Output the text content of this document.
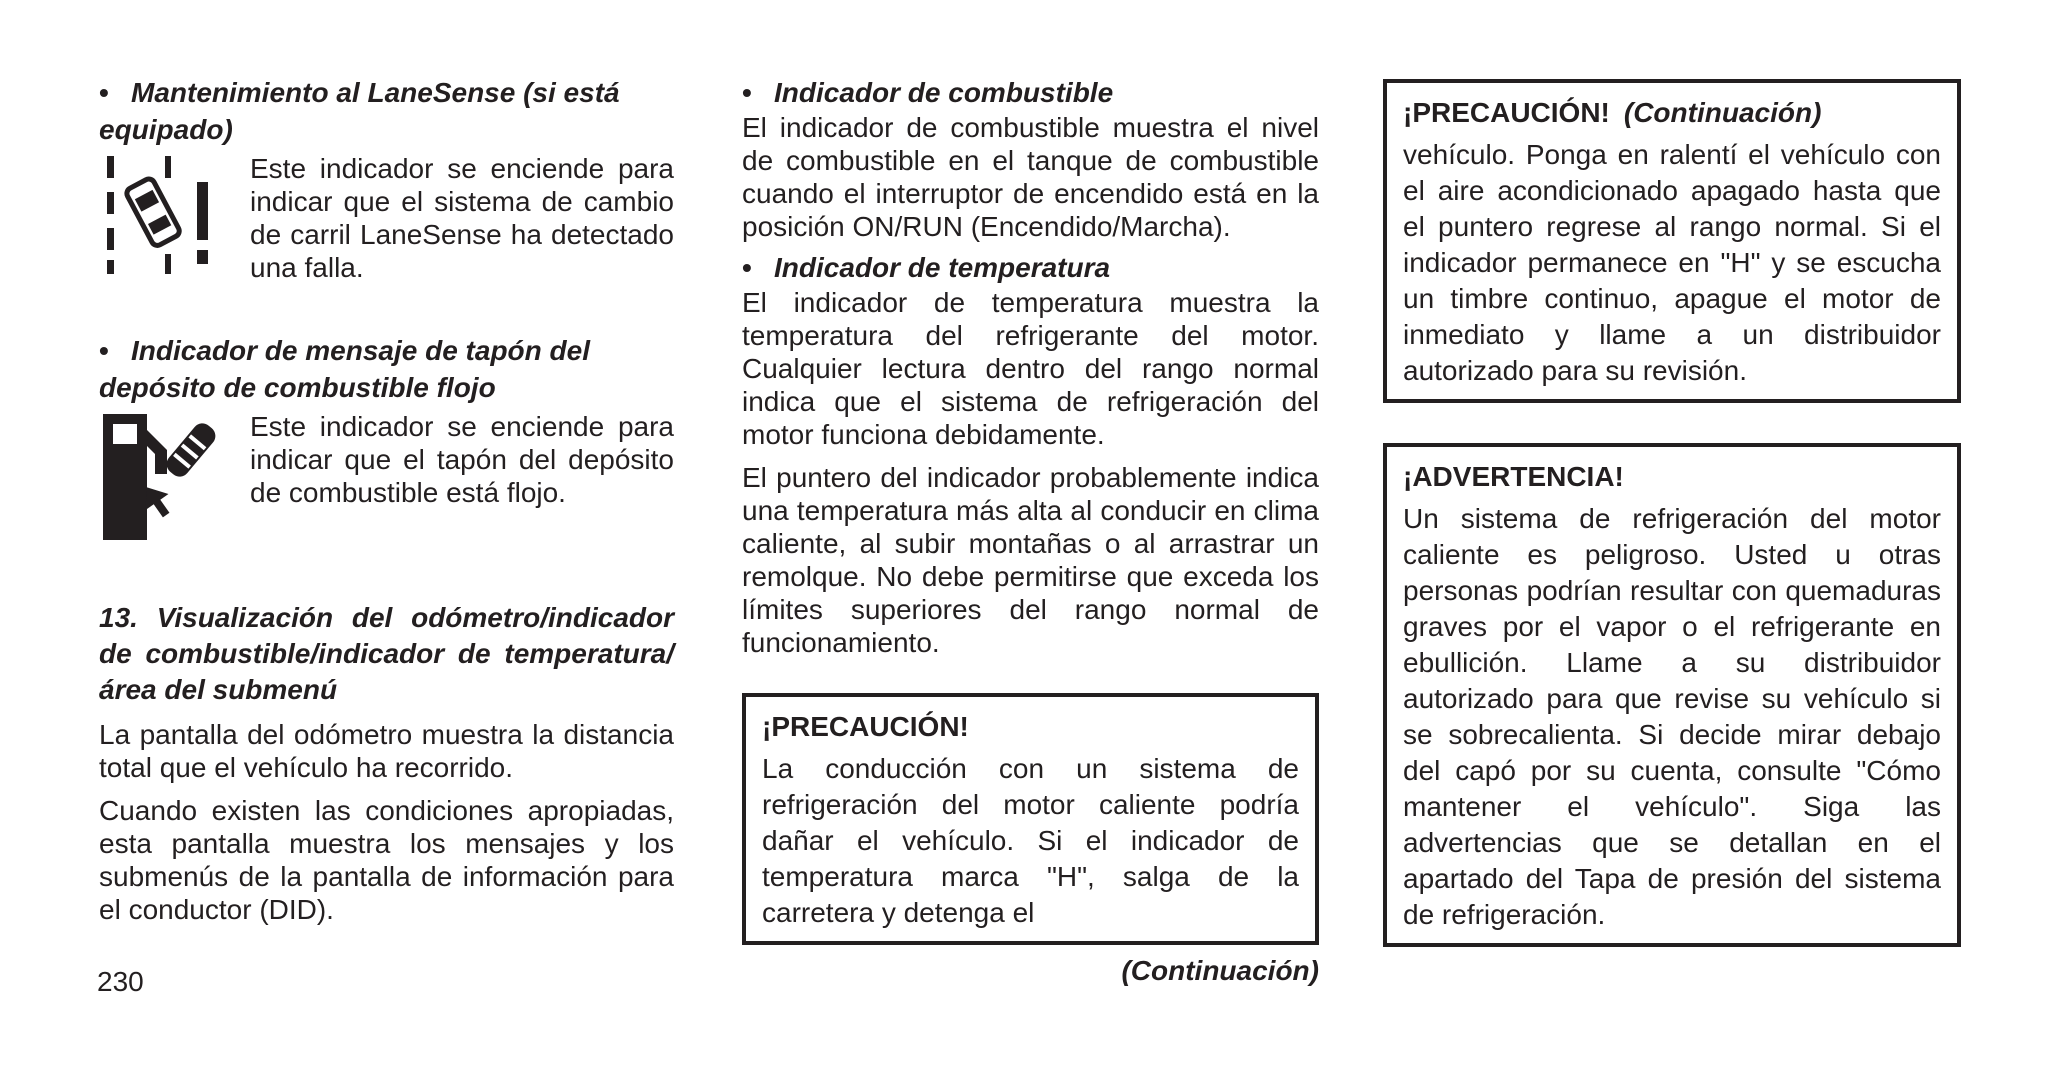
• Mantenimiento al LaneSense (si está equipado)
Este indicador se enciende para indicar que el sistema de cambio de carril LaneSense ha detectado una falla.
• Indicador de mensaje de tapón del depósito de combustible flojo
Este indicador se enciende para indicar que el tapón del depósito de combustible está flojo.
13. Visualización del odómetro/indicador de combustible/indicador de temperatura/área del submenú

La pantalla del odómetro muestra la distancia total que el vehículo ha recorrido.

Cuando existen las condiciones apropiadas, esta pantalla muestra los mensajes y los submenús de la pantalla de información para el conductor (DID).

• Indicador de combustible

El indicador de combustible muestra el nivel de combustible en el tanque de combustible cuando el interruptor de encendido está en la posición ON/RUN (Encendido/Marcha).

• Indicador de temperatura

El indicador de temperatura muestra la temperatura del refrigerante del motor. Cualquier lectura dentro del rango normal indica que el sistema de refrigeración del motor funciona debidamente.

El puntero del indicador probablemente indica una temperatura más alta al conducir en clima caliente, al subir montañas o al arrastrar un remolque. No debe permitirse que exceda los límites superiores del rango normal de funcionamiento.

¡PRECAUCIÓN!

La conducción con un sistema de refrigeración del motor caliente podría dañar el vehículo. Si el indicador de temperatura marca "H", salga de la carretera y detenga el

(Continuación)
¡PRECAUCIÓN! (Continuación)

vehículo. Ponga en ralentí el vehículo con el aire acondicionado apagado hasta que el puntero regrese al rango normal. Si el indicador permanece en "H" y se escucha un timbre continuo, apague el motor de inmediato y llame a un distribuidor autorizado para su revisión.

¡ADVERTENCIA!

Un sistema de refrigeración del motor caliente es peligroso. Usted u otras personas podrían resultar con quemaduras graves por el vapor o el refrigerante en ebullición. Llame a su distribuidor autorizado para que revise su vehículo si se sobrecalienta. Si decide mirar debajo del capó por su cuenta, consulte "Cómo mantener el vehículo". Siga las advertencias que se detallan en el apartado del Tapa de presión del sistema de refrigeración.

230
